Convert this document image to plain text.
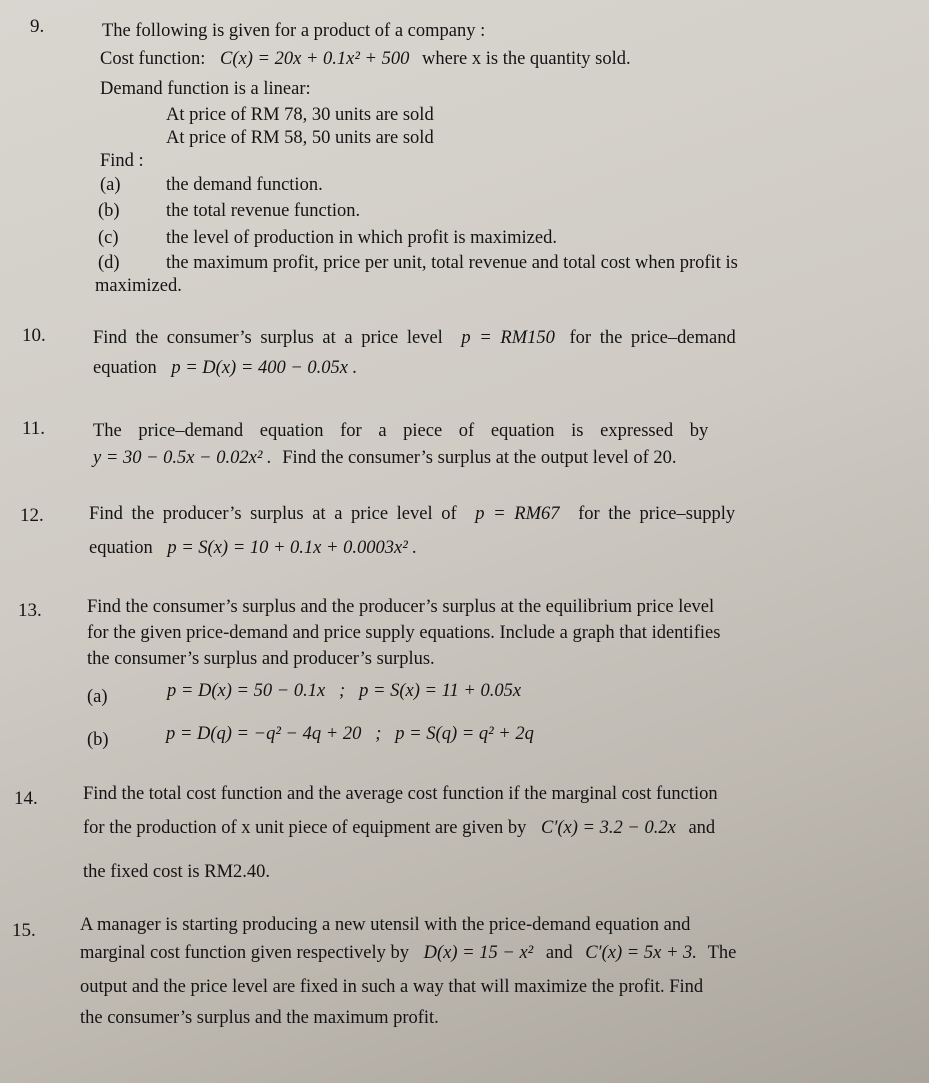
9.	The following is given for a product of a company :
Cost function: C(x) = 20x + 0.1x² + 500 where x is the quantity sold.
Demand function is a linear:
At price of RM 78, 30 units are sold
At price of RM 58, 50 units are sold
Find :
(a) the demand function.
(b)	the total revenue function.
(c)	the level of production in which profit is maximized.
(d)	the maximum profit, price per unit, total revenue and total cost when profit is
maximized.
10.	Find the consumer’s surplus at a price level p = RM150 for the price–demand
equation p = D(x) = 400 − 0.05x .
11.	The price–demand equation for a piece of equation is expressed by
y = 30 − 0.5x − 0.02x² . Find the consumer’s surplus at the output level of 20.
12. Find the producer’s surplus at a price level of p = RM67 for the price–supply
equation p = S(x) = 10 + 0.1x + 0.0003x² .
13. Find the consumer’s surplus and the producer’s surplus at the equilibrium price level
for the given price-demand and price supply equations. Include a graph that identifies
the consumer’s surplus and producer’s surplus.
(a)	p = D(x) = 50 − 0.1x   ;   p = S(x) = 11 + 0.05x
(b)	p = D(q) = −q² − 4q + 20   ;   p = S(q) = q² + 2q
14. Find the total cost function and the average cost function if the marginal cost function
for the production of x unit piece of equipment are given by C′(x) = 3.2 − 0.2x and
the fixed cost is RM2.40.
15. A manager is starting producing a new utensil with the price-demand equation and
marginal cost function given respectively by D(x) = 15 − x² and C′(x) = 5x + 3. The
output and the price level are fixed in such a way that will maximize the profit. Find
the consumer’s surplus and the maximum profit.
